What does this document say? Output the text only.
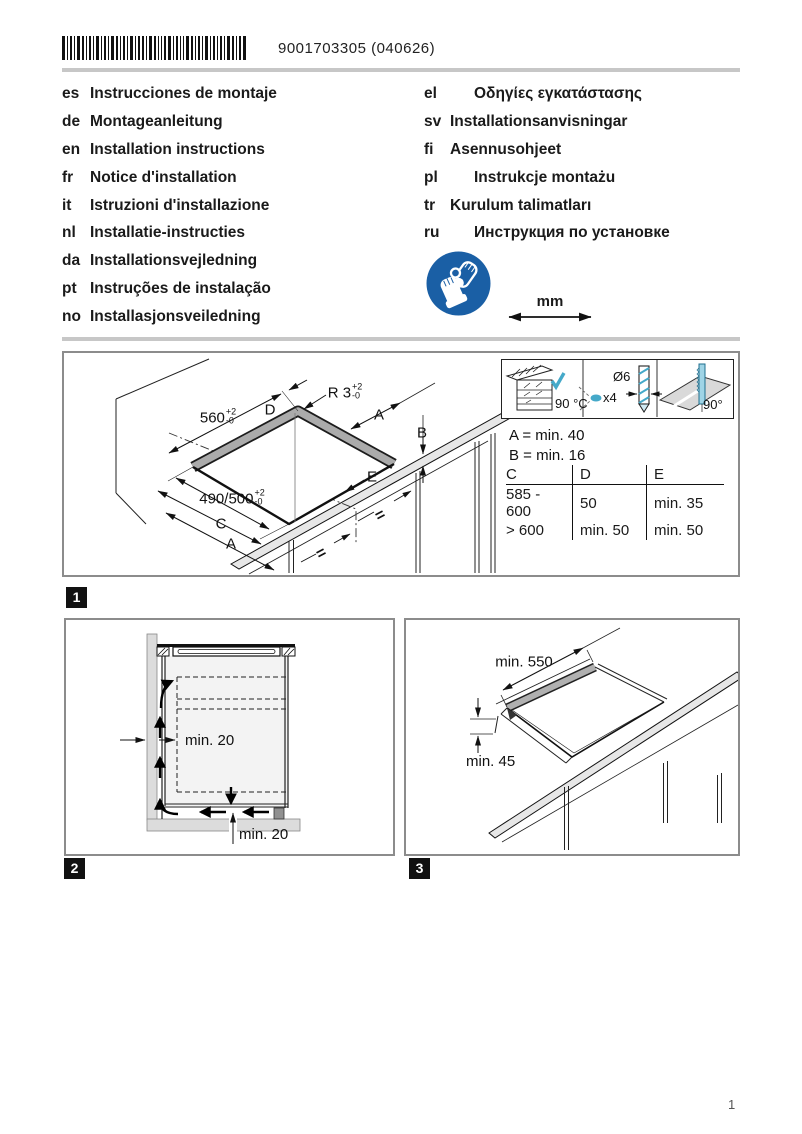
9001703305 (040626)
es Instrucciones de montaje
de Montageanleitung
en Installation instructions
fr	Notice d'installation
it	Istruzioni d'installazione
nl Installatie-instructies
da Installationsvejledning
pt Instruções de instalação
no Installasjonsveiledning
el	Οδηγίες εγκατάστασης
sv Installationsanvisningar
fi	Asennusohjeet
pl	Instrukcje montażu
tr Kurulum talimatları
ru	Инструкция по установке
mm
560 +2
-0
D
R 3 +2
-0
A
B
E
490/500 +2
-0
C
A
=
=
90 °C
Ø6
x4	90°
A = min. 40
B = min. 16
C	D	E
585 - 600	50	min. 35
> 600	min. 50	min. 50
1
min. 20
min. 20
2
min. 550
min. 45
3
1
